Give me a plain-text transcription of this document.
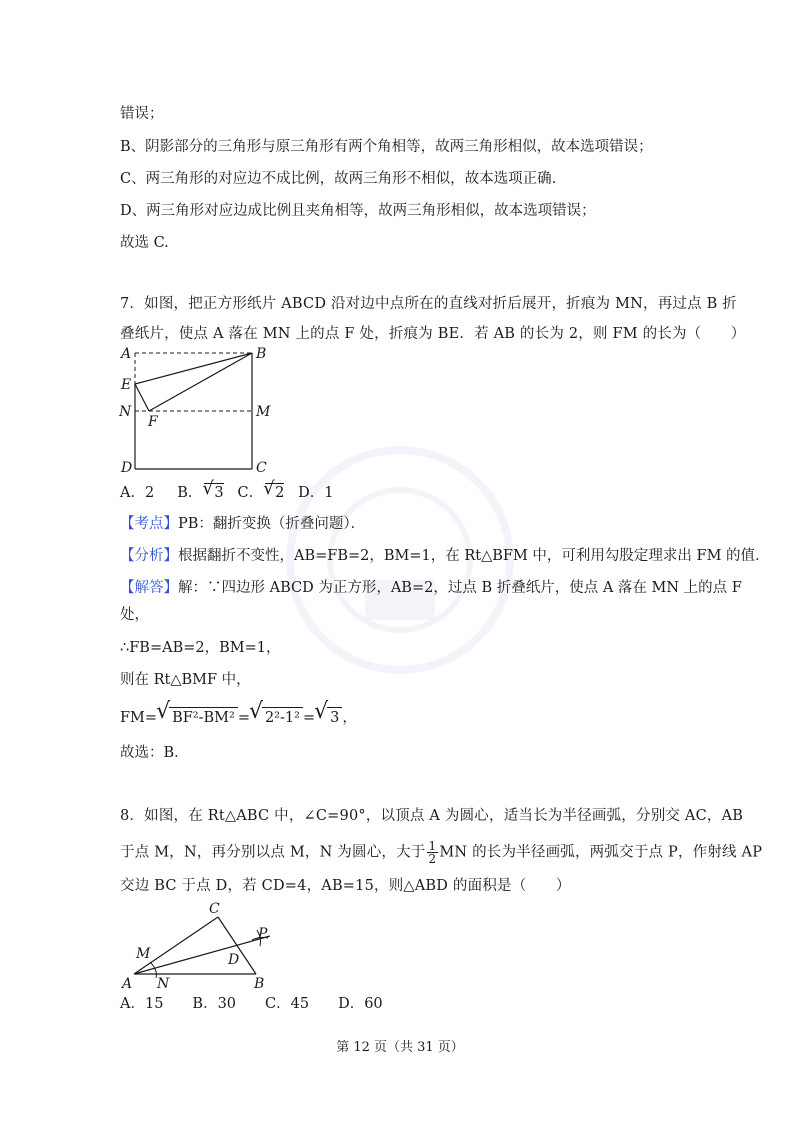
错误；
B、阴影部分的三角形与原三角形有两个角相等，故两三角形相似，故本选项错误；
C、两三角形的对应边不成比例，故两三角形不相似，故本选项正确.
D、两三角形对应边成比例且夹角相等，故两三角形相似，故本选项错误；
故选 C.
7．如图，把正方形纸片 ABCD 沿对边中点所在的直线对折后展开，折痕为 MN，再过点 B 折
叠纸片，使点 A 落在 MN 上的点 F 处，折痕为 BE．若 AB 的长为 2，则 FM 的长为（　　）
A	B
C
D
E
N	M
F
A．2 B． √ 3 C． √ 2 D．1
【考点】PB：翻折变换（折叠问题）．
【分析】根据翻折不变性，AB=FB=2，BM=1，在 Rt△BFM 中，可利用勾股定理求出 FM 的值．
【解答】解：∵四边形 ABCD 为正方形，AB=2，过点 B 折叠纸片，使点 A 落在 MN 上的点 F
处，
∴FB=AB=2，BM=1，
则在 Rt△BMF 中，
FM= √ BF²-BM² = √ 2²-1² = √ 3 ，
故选：B．
8．如图，在 Rt△ABC 中，∠C=90°，以顶点 A 为圆心，适当长为半径画弧，分别交 AC，AB
于点 M，N，再分别以点 M，N 为圆心，大于 $\frac{1}{2}$ MN 的长为半径画弧，两弧交于点 P，作射线 AP
交边 BC 于点 D，若 CD=4，AB=15，则△ABD 的面积是（　　）
A	B
C
D
M
N
P
A．15　　B．30　　C．45　　D．60
第 12 页（共 31 页）
